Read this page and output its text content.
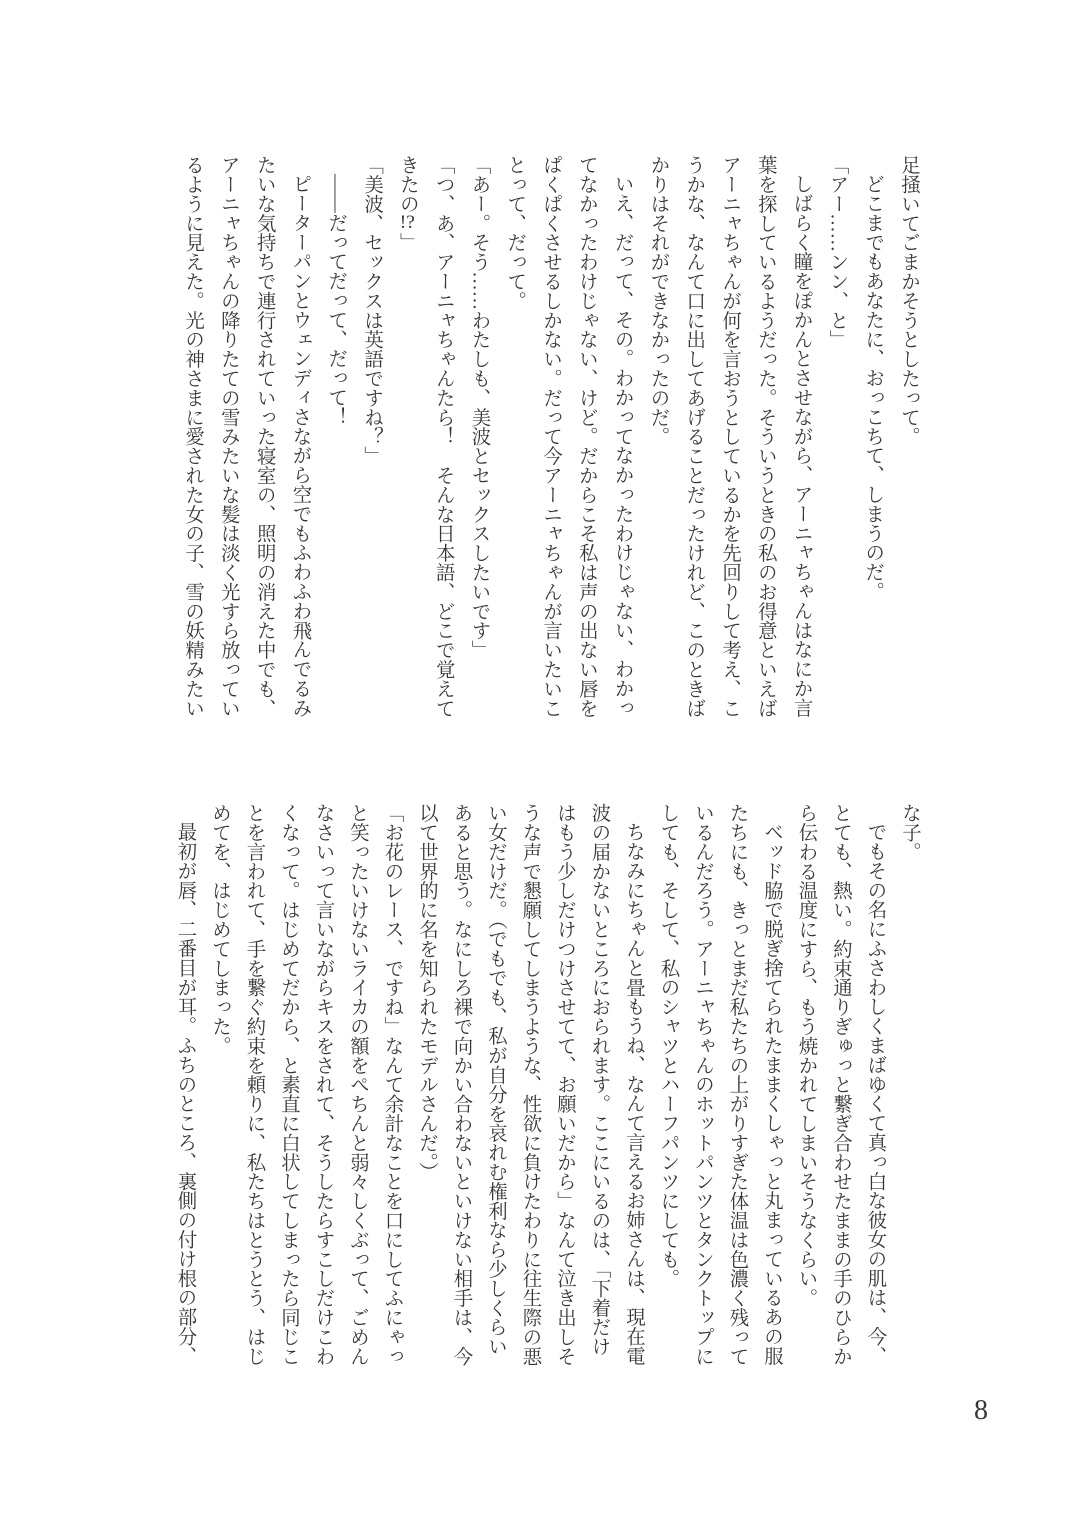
足掻いてごまかそうとしたって。

どこまでもあなたに、おっこちて、しまうのだ。

「アー……ンン、と」

しばらく瞳をぽかんとさせながら、アーニャちゃんはなにか言

葉を探しているようだった。そういうときの私のお得意といえば

アーニャちゃんが何を言おうとしているかを先回りして考え、こ

うかな、なんて口に出してあげることだったけれど、このときば

かりはそれができなかったのだ。

いえ、だって、その。わかってなかったわけじゃない、わかっ

てなかったわけじゃない、けど。だからこそ私は声の出ない唇を

ぱくぱくさせるしかない。だって今アーニャちゃんが言いたいこ

とって、だって。

「あー。そう……わたしも、美波とセックスしたいです」

「つ、あ、アーニャちゃんたら！　そんな日本語、どこで覚えて

きたの!?」

「美波、セックスは英語ですね？」

――だってだって、だって！

ピーターパンとウェンディさながら空でもふわふわ飛んでるみ

たいな気持ちで連行されていった寝室の、照明の消えた中でも、

アーニャちゃんの降りたての雪みたいな髪は淡く光すら放ってい

るように見えた。光の神さまに愛された女の子、雪の妖精みたい

な子。

でもその名にふさわしくまばゆくて真っ白な彼女の肌は、今、

とても、熱い。約束通りぎゅっと繋ぎ合わせたままの手のひらか

ら伝わる温度にすら、もう焼かれてしまいそうなくらい。

ベッド脇で脱ぎ捨てられたままくしゃっと丸まっているあの服

たちにも、きっとまだ私たちの上がりすぎた体温は色濃く残って

いるんだろう。アーニャちゃんのホットパンツとタンクトップに

しても、そして、私のシャツとハーフパンツにしても。

ちなみにちゃんと畳もうね、なんて言えるお姉さんは、現在電

波の届かないところにおられます。ここにいるのは、「下着だけ

はもう少しだけつけさせてて、お願いだから」なんて泣き出しそ

うな声で懇願してしまうような、性欲に負けたわりに往生際の悪

い女だけだ。（でもでも、私が自分を哀れむ権利なら少しくらい

あると思う。なにしろ裸で向かい合わないといけない相手は、今

以て世界的に名を知られたモデルさんだ。）

「お花のレース、ですね」なんて余計なことを口にしてふにゃっ

と笑ったいけないライカの額をぺちんと弱々しくぶって、ごめん

なさいって言いながらキスをされて、そうしたらすこしだけこわ

くなって。はじめてだから、と素直に白状してしまったら同じこ

とを言われて、手を繋ぐ約束を頼りに、私たちはとうとう、はじ

めてを、はじめてしまった。

最初が唇、二番目が耳。ふちのところ、裏側の付け根の部分、

8
